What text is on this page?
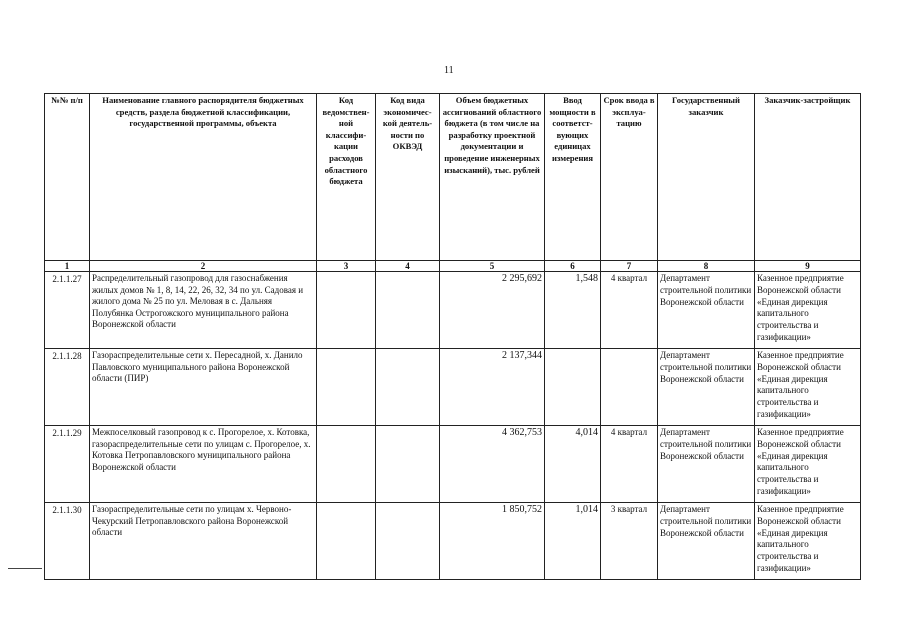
11
№№ п/п	Наименование главного распорядителя бюджетных средств, раздела бюджетной классификации, государственной программы, объекта	Код ведомствен-ной классифи-кации расходов областного бюджета	Код вида экономичес-кой деятель-ности по ОКВЭД	Объем бюджетных ассигнований областного бюджета (в том числе на разработку проектной документации и проведение инженерных изысканий), тыс. рублей	Ввод мощности в соответст-вующих единицах измерения	Срок ввода в эксплуа-тацию	Государственный заказчик	Заказчик-застройщик
1	2	3	4	5	6	7	8	9
2.1.1.27	Распределительный газопровод для газоснабжения жилых домов № 1, 8, 14, 22, 26, 32, 34 по ул. Садовая и жилого дома № 25 по ул. Меловая в с. Дальняя Полубянка Острогожского муниципального района Воронежской области			2 295,692	1,548	4 квартал	Департамент строительной политики Воронежской области	Казенное предприятие Воронежской области «Единая дирекция капитального строительства и газификации»
2.1.1.28	Газораспределительные сети х. Пересадной, х. Данило Павловского муниципального района Воронежской области (ПИР)			2 137,344			Департамент строительной политики Воронежской области	Казенное предприятие Воронежской области «Единая дирекция капитального строительства и газификации»
2.1.1.29	Межпоселковый газопровод к с. Прогорелое, х. Котовка, газораспределительные сети по улицам с. Прогорелое, х. Котовка Петропавловского муниципального района Воронежской области			4 362,753	4,014	4 квартал	Департамент строительной политики Воронежской области	Казенное предприятие Воронежской области «Единая дирекция капитального строительства и газификации»
2.1.1.30	Газораспределительные сети по улицам х. Червоно-Чекурский Петропавловского района Воронежской области			1 850,752	1,014	3 квартал	Департамент строительной политики Воронежской области	Казенное предприятие Воронежской области «Единая дирекция капитального строительства и газификации»
